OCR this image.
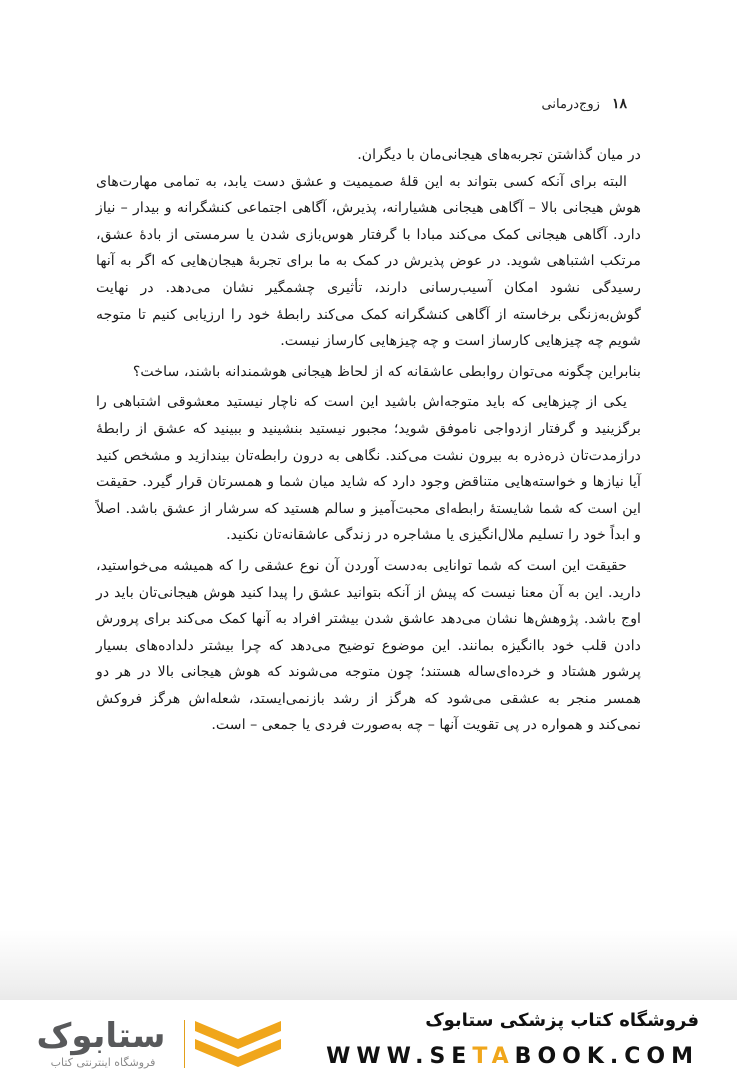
۱۸
زوج‌درمانی

در میان گذاشتن تجربه‌های هیجانی‌مان با دیگران.

البته برای آنکه کسی بتواند به این قلهٔ صمیمیت و عشق دست یابد، به تمامی مهارت‌های هوش هیجانی بالا – آگاهی هیجانی هشیارانه، پذیرش، آگاهی اجتماعی کنشگرانه و بیدار – نیاز دارد. آگاهی هیجانی کمک می‌کند مبادا با گرفتار هوس‌بازی شدن یا سرمستی از بادهٔ عشق، مرتکب اشتباهی شوید. در عوض پذیرش در کمک به ما برای تجربهٔ هیجان‌هایی که اگر به آنها رسیدگی نشود امکان آسیب‌رسانی دارند، تأثیری چشمگیر نشان می‌دهد. در نهایت گوش‌به‌زنگی برخاسته از آگاهی کنشگرانه کمک می‌کند رابطهٔ خود را ارزیابی کنیم تا متوجه شویم چه چیزهایی کارساز است و چه چیزهایی کارساز نیست.

بنابراین چگونه می‌توان روابطی عاشقانه که از لحاظ هیجانی هوشمندانه باشند، ساخت؟

یکی از چیزهایی که باید متوجه‌اش باشید این است که ناچار نیستید معشوقی اشتباهی را برگزینید و گرفتار ازدواجی ناموفق شوید؛ مجبور نیستید بنشینید و ببینید که عشق از رابطهٔ درازمدت‌تان ذره‌ذره به بیرون نشت می‌کند. نگاهی به درون رابطه‌تان بیندازید و مشخص کنید آیا نیازها و خواسته‌هایی متناقض وجود دارد که شاید میان شما و همسرتان قرار گیرد. حقیقت این است که شما شایستهٔ رابطه‌ای محبت‌آمیز و سالم هستید که سرشار از عشق باشد. اصلاً و ابداً خود را تسلیم ملال‌انگیزی یا مشاجره در زندگی عاشقانه‌تان نکنید.

حقیقت این است که شما توانایی به‌دست آوردن آن نوع عشقی را که همیشه می‌خواستید، دارید. این به آن معنا نیست که پیش از آنکه بتوانید عشق را پیدا کنید هوش هیجانی‌تان باید در اوج باشد. پژوهش‌ها نشان می‌دهد عاشق شدن بیشتر افراد به آنها کمک می‌کند برای پرورش دادن قلب خود باانگیزه بمانند. این موضوع توضیح می‌دهد که چرا بیشتر دلداده‌های بسیار پرشور هشتاد و خرده‌ای‌ساله هستند؛ چون متوجه می‌شوند که هوش هیجانی بالا در هر دو همسر منجر به عشقی می‌شود که هرگز از رشد بازنمی‌ایستد، شعله‌اش هرگز فروکش نمی‌کند و همواره در پی تقویت آنها – چه به‌صورت فردی یا جمعی – است.

ستابوک
فروشگاه اینترنتی کتاب
فروشگاه کتاب پزشکی ستابوک
WWW.SETABOOK.COM
